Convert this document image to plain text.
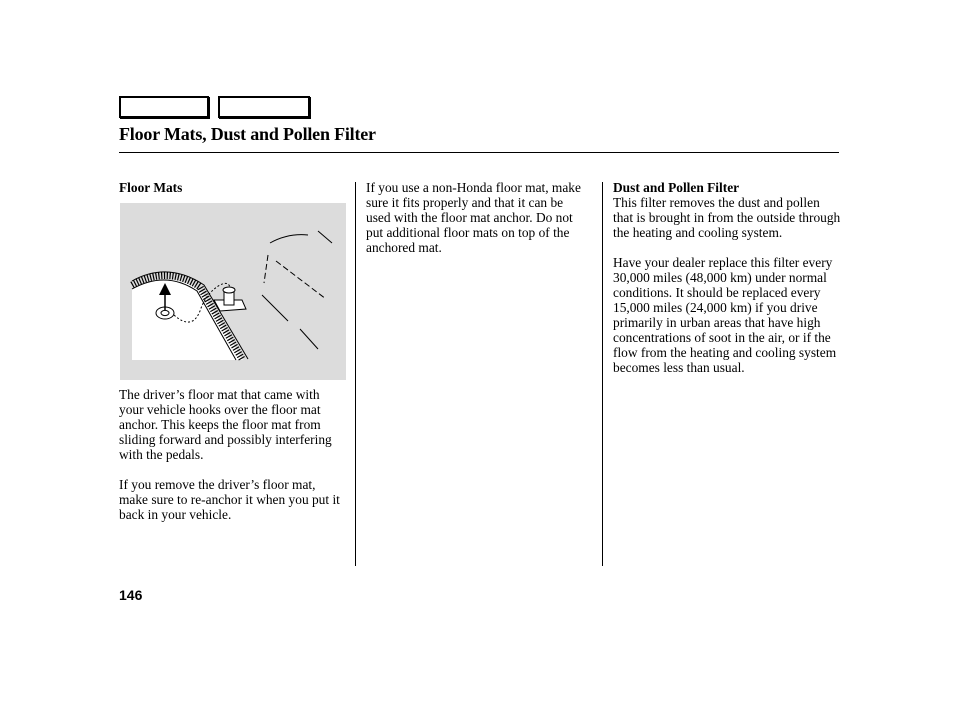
Floor Mats, Dust and Pollen Filter

Floor Mats

The driver’s floor mat that came with your vehicle hooks over the floor mat anchor. This keeps the floor mat from sliding forward and possibly interfering with the pedals.

If you remove the driver’s floor mat, make sure to re-anchor it when you put it back in your vehicle.

If you use a non-Honda floor mat, make sure it fits properly and that it can be used with the floor mat anchor. Do not put additional floor mats on top of the anchored mat.

Dust and Pollen Filter

This filter removes the dust and pollen that is brought in from the outside through the heating and cooling system.

Have your dealer replace this filter every 30,000 miles (48,000 km) under normal conditions. It should be replaced every 15,000 miles (24,000 km) if you drive primarily in urban areas that have high concentrations of soot in the air, or if the flow from the heating and cooling system becomes less than usual.

146
